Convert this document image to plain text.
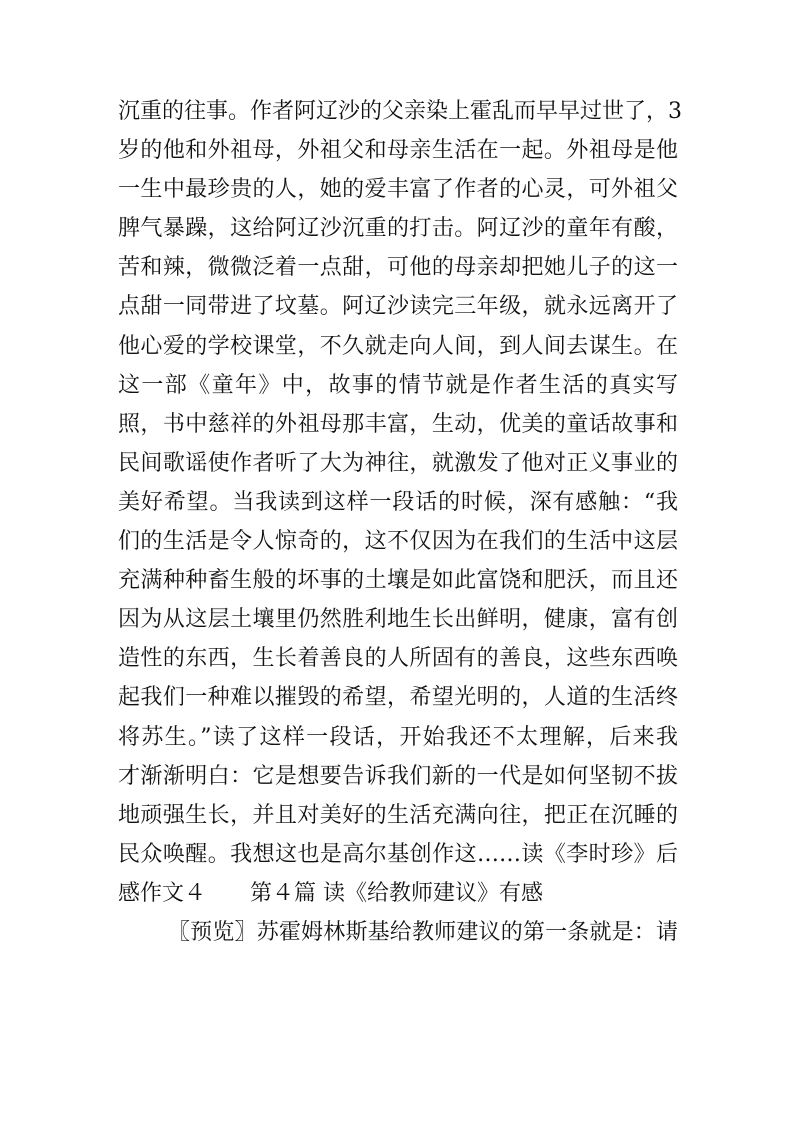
沉重的往事。作者阿辽沙的父亲染上霍乱而早早过世了，3
岁的他和外祖母，外祖父和母亲生活在一起。外祖母是他
一生中最珍贵的人，她的爱丰富了作者的心灵，可外祖父
脾气暴躁，这给阿辽沙沉重的打击。阿辽沙的童年有酸，
苦和辣，微微泛着一点甜，可他的母亲却把她儿子的这一
点甜一同带进了坟墓。阿辽沙读完三年级，就永远离开了
他心爱的学校课堂，不久就走向人间，到人间去谋生。在
这一部《童年》中，故事的情节就是作者生活的真实写
照，书中慈祥的外祖母那丰富，生动，优美的童话故事和
民间歌谣使作者听了大为神往，就激发了他对正义事业的
美好希望。当我读到这样一段话的时候，深有感触：“我
们的生活是令人惊奇的，这不仅因为在我们的生活中这层
充满种种畜生般的坏事的土壤是如此富饶和肥沃，而且还
因为从这层土壤里仍然胜利地生长出鲜明，健康，富有创
造性的东西，生长着善良的人所固有的善良，这些东西唤
起我们一种难以摧毁的希望，希望光明的，人道的生活终
将苏生。”读了这样一段话，开始我还不太理解，后来我
才渐渐明白：它是想要告诉我们新的一代是如何坚韧不拔
地顽强生长，并且对美好的生活充满向往，把正在沉睡的
民众唤醒。我想这也是高尔基创作这……读《李时珍》后
感作文４　　第４篇 读《给教师建议》有感
〖预览〗苏霍姆林斯基给教师建议的第一条就是：请
